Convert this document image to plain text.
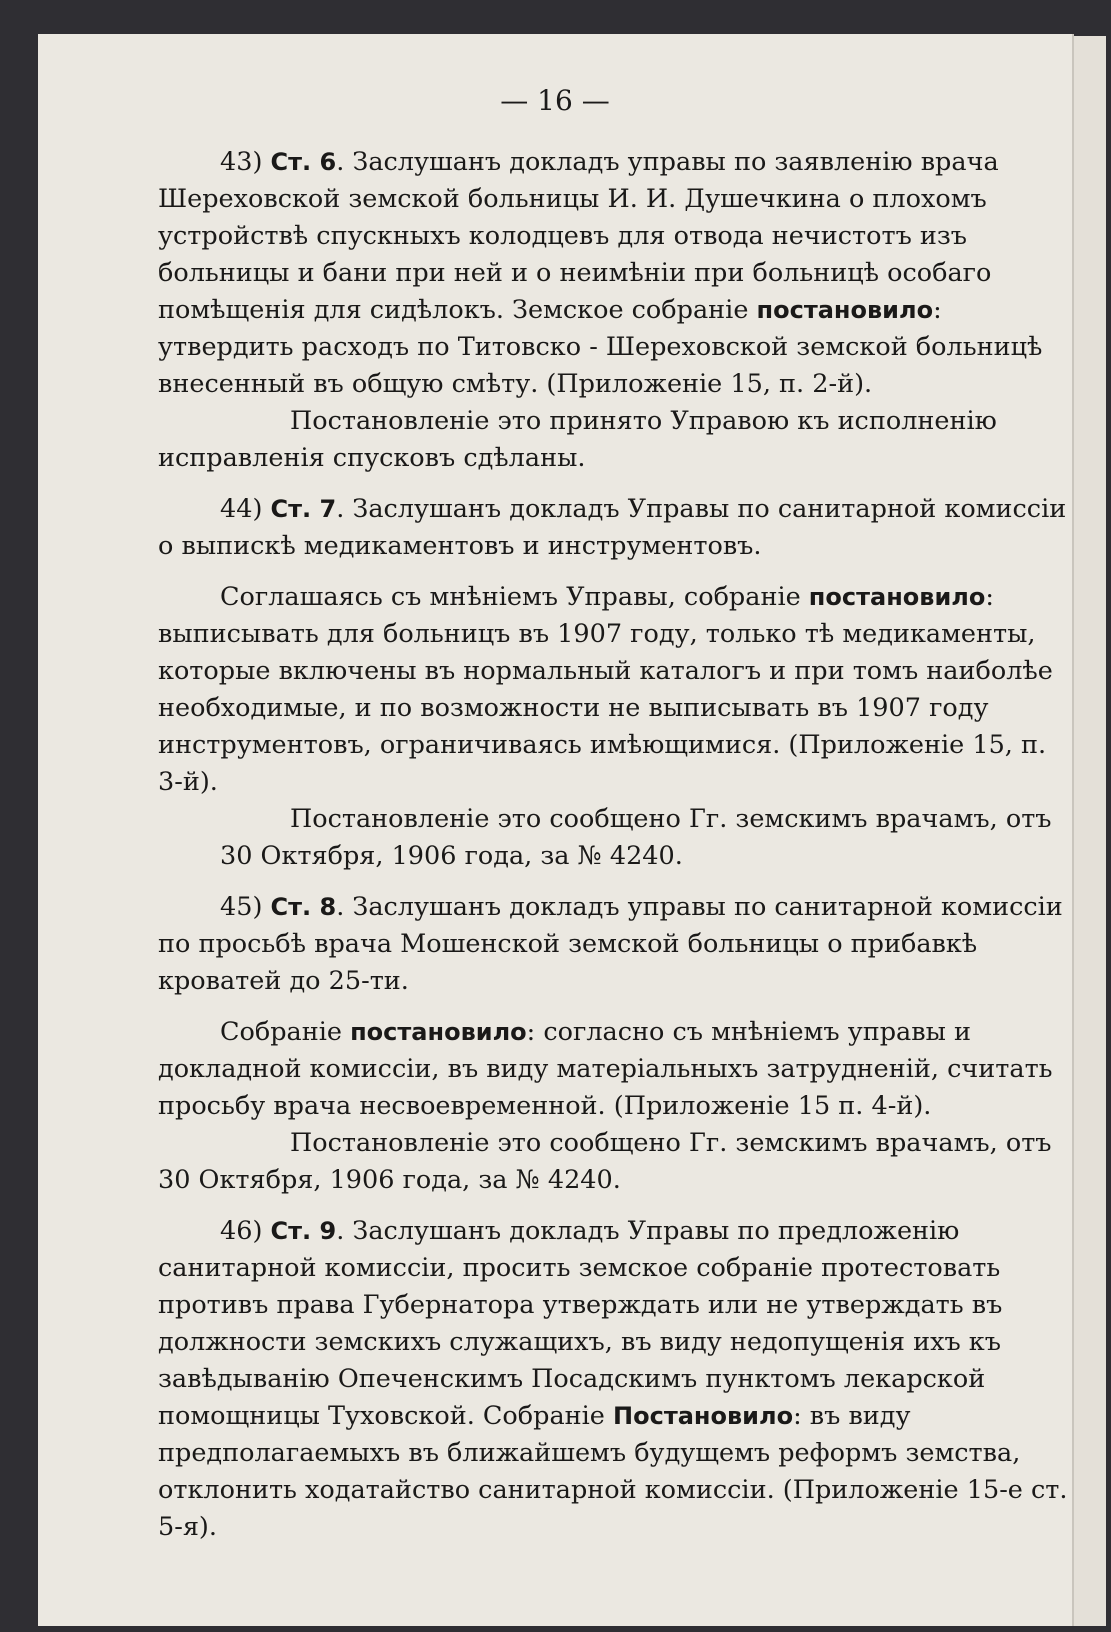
— 16 —

43) Ст. 6. Заслушанъ докладъ управы по заявленію врача Шереховской земской больницы И. И. Душечкина о плохомъ устройствѣ спускныхъ колодцевъ для отвода нечистотъ изъ больницы и бани при ней и о неимѣніи при больницѣ особаго помѣщенія для сидѣлокъ. Земское собраніе постановило: утвердить расходъ по Титовско - Шереховской земской больницѣ внесенный въ общую смѣту. (Приложеніе 15, п. 2-й).

Постановленіе это принято Управою къ исполненію исправленія спусковъ сдѣланы.

44) Ст. 7. Заслушанъ докладъ Управы по санитарной комиссіи о выпискѣ медикаментовъ и инструментовъ.

Соглашаясь съ мнѣніемъ Управы, собраніе постановило: выписывать для больницъ въ 1907 году, только тѣ медикаменты, которые включены въ нормальный каталогъ и при томъ наиболѣе необходимые, и по возможности не выписывать въ 1907 году инструментовъ, ограничиваясь имѣющимися. (Приложеніе 15, п. 3-й).

Постановленіе это сообщено Гг. земскимъ врачамъ, отъ

30 Октября, 1906 года, за № 4240.

45) Ст. 8. Заслушанъ докладъ управы по санитарной комиссіи по просьбѣ врача Мошенской земской больницы о прибавкѣ кроватей до 25-ти.

Собраніе постановило: согласно съ мнѣніемъ управы и докладной комиссіи, въ виду матеріальныхъ затрудненій, считать просьбу врача несвоевременной. (Приложеніе 15 п. 4-й).

Постановленіе это сообщено Гг. земскимъ врачамъ, отъ

30 Октября, 1906 года, за № 4240.

46) Ст. 9. Заслушанъ докладъ Управы по предложенію санитарной комиссіи, просить земское собраніе протестовать противъ права Губернатора утверждать или не утверждать въ должности земскихъ служащихъ, въ виду недопущенія ихъ къ завѣдыванію Опеченскимъ Посадскимъ пунктомъ лекарской помощницы Туховской. Собраніе Постановило: въ виду предполагаемыхъ въ ближайшемъ будущемъ реформъ земства, отклонить ходатайство санитарной комиссіи. (Приложеніе 15-е ст. 5-я).
